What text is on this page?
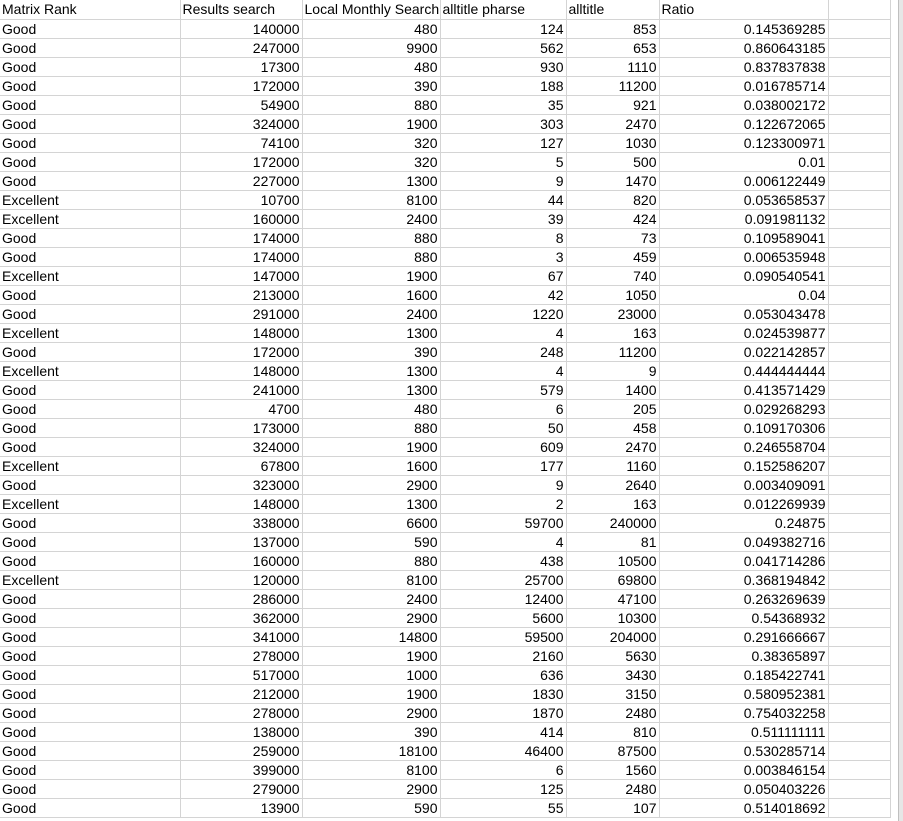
Matrix Rank	Results search	Local Monthly Search	alltitle pharse	alltitle	Ratio	
Good	140000	480	124	853	0.145369285	
Good	247000	9900	562	653	0.860643185	
Good	17300	480	930	1110	0.837837838	
Good	172000	390	188	11200	0.016785714	
Good	54900	880	35	921	0.038002172	
Good	324000	1900	303	2470	0.122672065	
Good	74100	320	127	1030	0.123300971	
Good	172000	320	5	500	0.01	
Good	227000	1300	9	1470	0.006122449	
Excellent	10700	8100	44	820	0.053658537	
Excellent	160000	2400	39	424	0.091981132	
Good	174000	880	8	73	0.109589041	
Good	174000	880	3	459	0.006535948	
Excellent	147000	1900	67	740	0.090540541	
Good	213000	1600	42	1050	0.04	
Good	291000	2400	1220	23000	0.053043478	
Excellent	148000	1300	4	163	0.024539877	
Good	172000	390	248	11200	0.022142857	
Excellent	148000	1300	4	9	0.444444444	
Good	241000	1300	579	1400	0.413571429	
Good	4700	480	6	205	0.029268293	
Good	173000	880	50	458	0.109170306	
Good	324000	1900	609	2470	0.246558704	
Excellent	67800	1600	177	1160	0.152586207	
Good	323000	2900	9	2640	0.003409091	
Excellent	148000	1300	2	163	0.012269939	
Good	338000	6600	59700	240000	0.24875	
Good	137000	590	4	81	0.049382716	
Good	160000	880	438	10500	0.041714286	
Excellent	120000	8100	25700	69800	0.368194842	
Good	286000	2400	12400	47100	0.263269639	
Good	362000	2900	5600	10300	0.54368932	
Good	341000	14800	59500	204000	0.291666667	
Good	278000	1900	2160	5630	0.38365897	
Good	517000	1000	636	3430	0.185422741	
Good	212000	1900	1830	3150	0.580952381	
Good	278000	2900	1870	2480	0.754032258	
Good	138000	390	414	810	0.511111111	
Good	259000	18100	46400	87500	0.530285714	
Good	399000	8100	6	1560	0.003846154	
Good	279000	2900	125	2480	0.050403226	
Good	13900	590	55	107	0.514018692	
